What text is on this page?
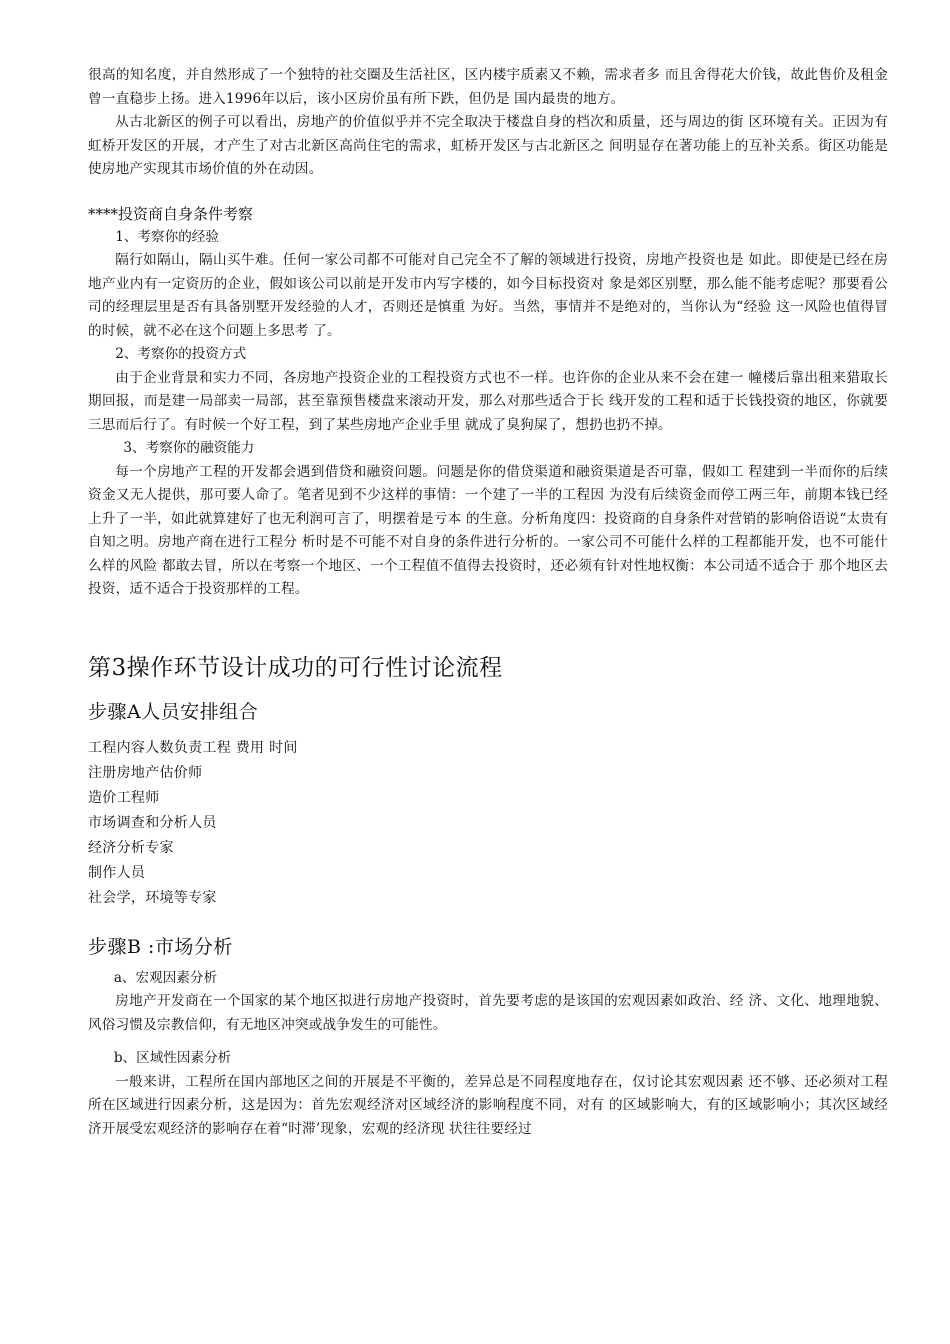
很高的知名度，并自然形成了一个独特的社交圈及生活社区，区内楼宇质素又不赖，需求者多 而且舍得花大价钱，故此售价及租金曾一直稳步上扬。进入1996年以后，该小区房价虽有所下跌，但仍是 国内最贵的地方。

从古北新区的例子可以看出，房地产的价值似乎并不完全取决于楼盘自身的档次和质量，还与周边的街 区环境有关。正因为有虹桥开发区的开展，才产生了对古北新区高尚住宅的需求，虹桥开发区与古北新区之 间明显存在著功能上的互补关系。街区功能是使房地产实现其市场价值的外在动因。

****投资商自身条件考察

1、考察你的经验

隔行如隔山，隔山买牛难。任何一家公司都不可能对自己完全不了解的领域进行投资，房地产投资也是 如此。即使是已经在房地产业内有一定资历的企业，假如该公司以前是开发市内写字楼的，如今目标投资对 象是郊区别墅，那么能不能考虑呢？那要看公司的经理层里是否有具备别墅开发经验的人才，否则还是慎重 为好。当然，事情并不是绝对的，当你认为“经验 这一风险也值得冒的时候，就不必在这个问题上多思考 了。

2、考察你的投资方式

由于企业背景和实力不同，各房地产投资企业的工程投资方式也不一样。也许你的企业从来不会在建一 幢楼后靠出租来猎取长期回报，而是建一局部卖一局部，甚至靠预售楼盘来滚动开发，那么对那些适合于长 线开发的工程和适于长钱投资的地区，你就要三思而后行了。有时候一个好工程，到了某些房地产企业手里 就成了臭狗屎了，想扔也扔不掉。

3、考察你的融资能力

每一个房地产工程的开发都会遇到借贷和融资问题。问题是你的借贷渠道和融资渠道是否可靠，假如工 程建到一半而你的后续资金又无人提供，那可要人命了。笔者见到不少这样的事情：一个建了一半的工程因 为没有后续资金而停工两三年，前期本钱已经上升了一半，如此就算建好了也无利润可言了，明摆着是亏本 的生意。分析角度四：投资商的自身条件对营销的影响俗语说“太贵有自知之明。房地产商在进行工程分 析时是不可能不对自身的条件进行分析的。一家公司不可能什么样的工程都能开发，也不可能什么样的风险 都敢去冒，所以在考察一个地区、一个工程值不值得去投资时，还必须有针对性地权衡：本公司适不适合于 那个地区去投资，适不适合于投资那样的工程。

第3操作环节设计成功的可行性讨论流程

步骤A人员安排组合

工程内容人数负责工程 费用 时间

注册房地产估价师

造价工程师

市场调查和分析人员

经济分析专家

制作人员

社会学，环境等专家

步骤B :市场分析

a、宏观因素分析

房地产开发商在一个国家的某个地区拟进行房地产投资时，首先要考虑的是该国的宏观因素如政治、经 济、文化、地理地貌、风俗习惯及宗教信仰，有无地区冲突或战争发生的可能性。

b、区域性因素分析

一般来讲，工程所在国内部地区之间的开展是不平衡的，差异总是不同程度地存在，仅讨论其宏观因素 还不够、还必须对工程所在区域进行因素分析，这是因为：首先宏观经济对区域经济的影响程度不同，对有 的区域影响大，有的区域影响小；其次区域经济开展受宏观经济的影响存在着“时滞’现象，宏观的经济现 状往往要经过
